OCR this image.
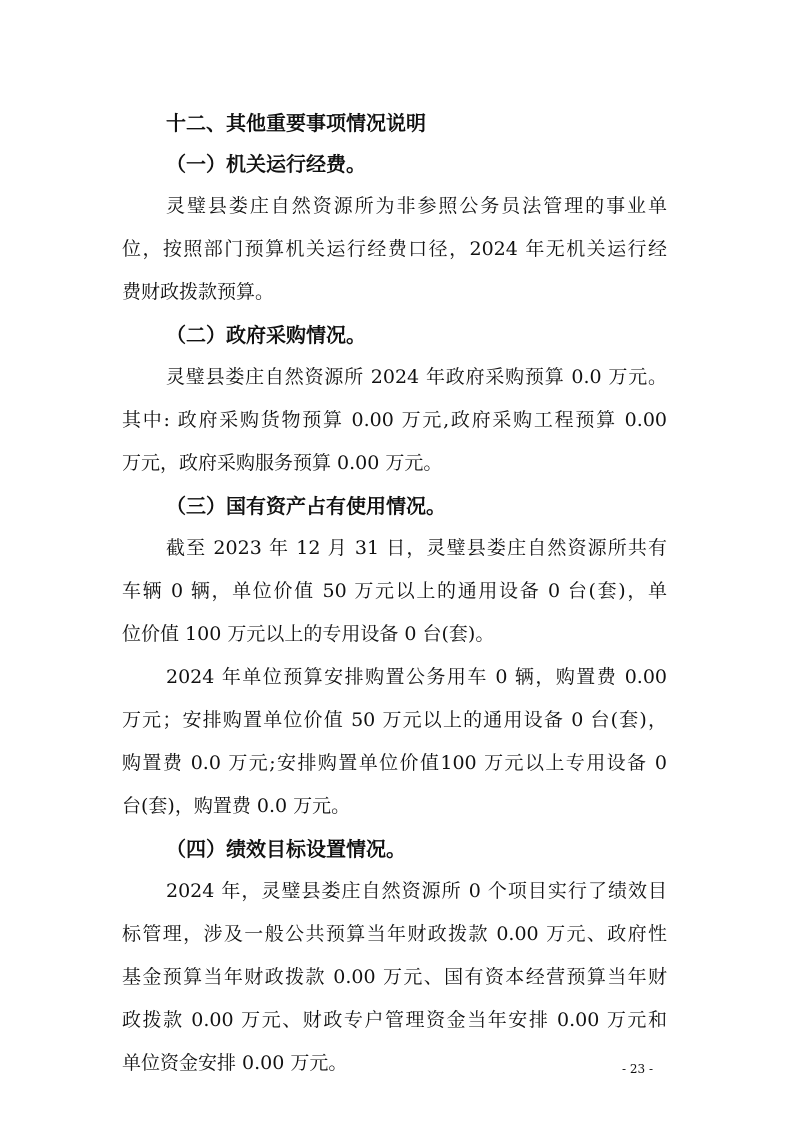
十二、其他重要事项情况说明
（一）机关运行经费。
灵璧县娄庄自然资源所为非参照公务员法管理的事业单
位，按照部门预算机关运行经费口径，2024 年无机关运行经
费财政拨款预算。
（二）政府采购情况。
灵璧县娄庄自然资源所 2024 年政府采购预算 0.0 万元。
其中: 政府采购货物预算 0.00 万元,政府采购工程预算 0.00
万元，政府采购服务预算 0.00 万元。
（三）国有资产占有使用情况。
截至 2023 年 12 月 31 日，灵璧县娄庄自然资源所共有
车辆 0 辆，单位价值 50 万元以上的通用设备 0 台(套)，单
位价值 100 万元以上的专用设备 0 台(套)。
2024 年单位预算安排购置公务用车 0 辆，购置费 0.00
万元；安排购置单位价值 50 万元以上的通用设备 0 台(套)，
购置费 0.0 万元;安排购置单位价值100 万元以上专用设备 0
台(套)，购置费 0.0 万元。
（四）绩效目标设置情况。
2024 年，灵璧县娄庄自然资源所 0 个项目实行了绩效目
标管理，涉及一般公共预算当年财政拨款 0.00 万元、政府性
基金预算当年财政拨款 0.00 万元、国有资本经营预算当年财
政拨款 0.00 万元、财政专户管理资金当年安排 0.00 万元和
单位资金安排 0.00 万元。	- 23 -
